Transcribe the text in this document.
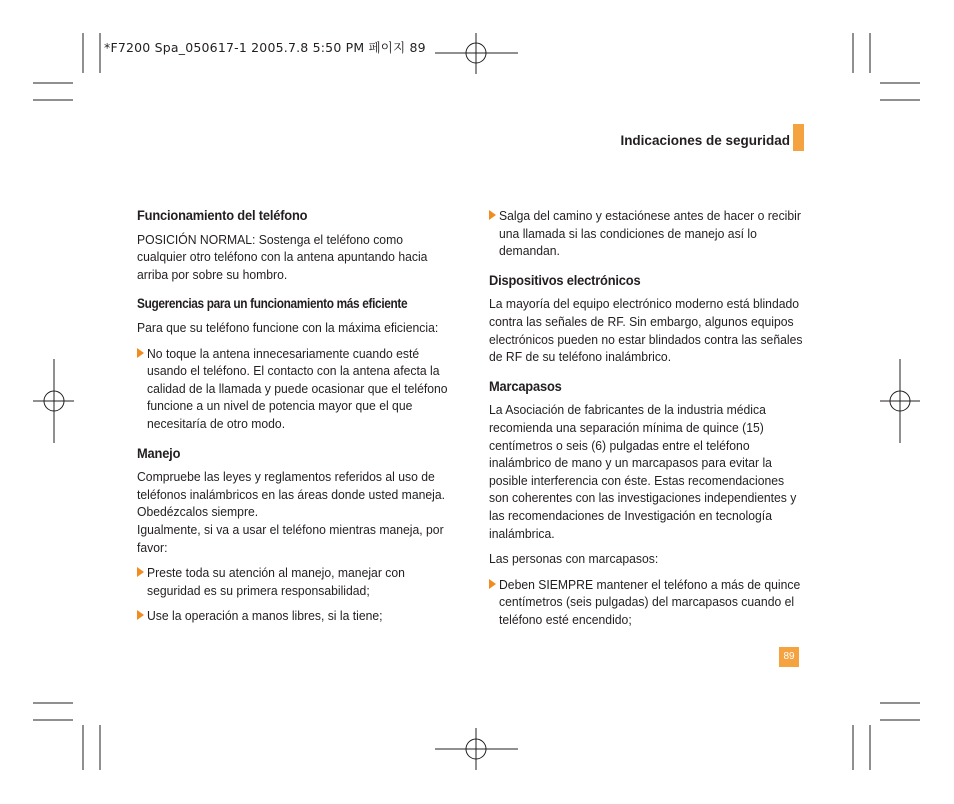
*F7200 Spa_050617-1 2005.7.8 5:50 PM 페이지 89
Indicaciones de seguridad
Funcionamiento del teléfono

POSICIÓN NORMAL: Sostenga el teléfono como cualquier otro teléfono con la antena apuntando hacia arriba por sobre su hombro.

Sugerencias para un funcionamiento más eficiente

Para que su teléfono funcione con la máxima eficiencia:

No toque la antena innecesariamente cuando esté usando el teléfono. El contacto con la antena afecta la calidad de la llamada y puede ocasionar que el teléfono funcione a un nivel de potencia mayor que el que necesitaría de otro modo.
Manejo

Compruebe las leyes y reglamentos referidos al uso de teléfonos inalámbricos en las áreas donde usted maneja. Obedézcalos siempre.

Igualmente, si va a usar el teléfono mientras maneja, por favor:

Preste toda su atención al manejo, manejar con seguridad es su primera responsabilidad;
Use la operación a manos libres, si la tiene;
Salga del camino y estaciónese antes de hacer o recibir una llamada si las condiciones de manejo así lo demandan.
Dispositivos electrónicos

La mayoría del equipo electrónico moderno está blindado contra las señales de RF. Sin embargo, algunos equipos electrónicos pueden no estar blindados contra las señales de RF de su teléfono inalámbrico.

Marcapasos

La Asociación de fabricantes de la industria médica recomienda una separación mínima de quince (15) centímetros o seis (6) pulgadas entre el teléfono inalámbrico de mano y un marcapasos para evitar la posible interferencia con éste. Estas recomendaciones son coherentes con las investigaciones independientes y las recomendaciones de Investigación en tecnología inalámbrica.

Las personas con marcapasos:

Deben SIEMPRE mantener el teléfono a más de quince centímetros (seis pulgadas) del marcapasos cuando el teléfono esté encendido;
89
